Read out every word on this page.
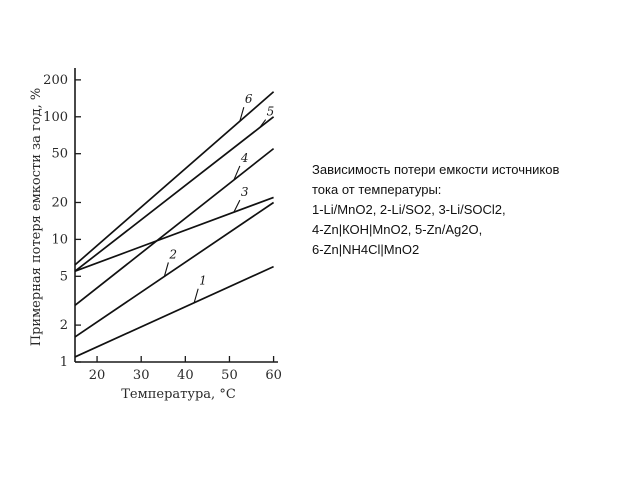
1
2
5
10
20
50
100
200
20 30 40 50 60
1
2
3
4
5
6
Примерная потеря емкости за год, %
Температура, °С
Зависимость потери емкости источников
тока от температуры:
1-Li/MnO2, 2-Li/SO2, 3-Li/SOCl2,
4-Zn|КОН|MnO2, 5-Zn/Ag2O,
6-Zn|NH4Cl|MnO2
